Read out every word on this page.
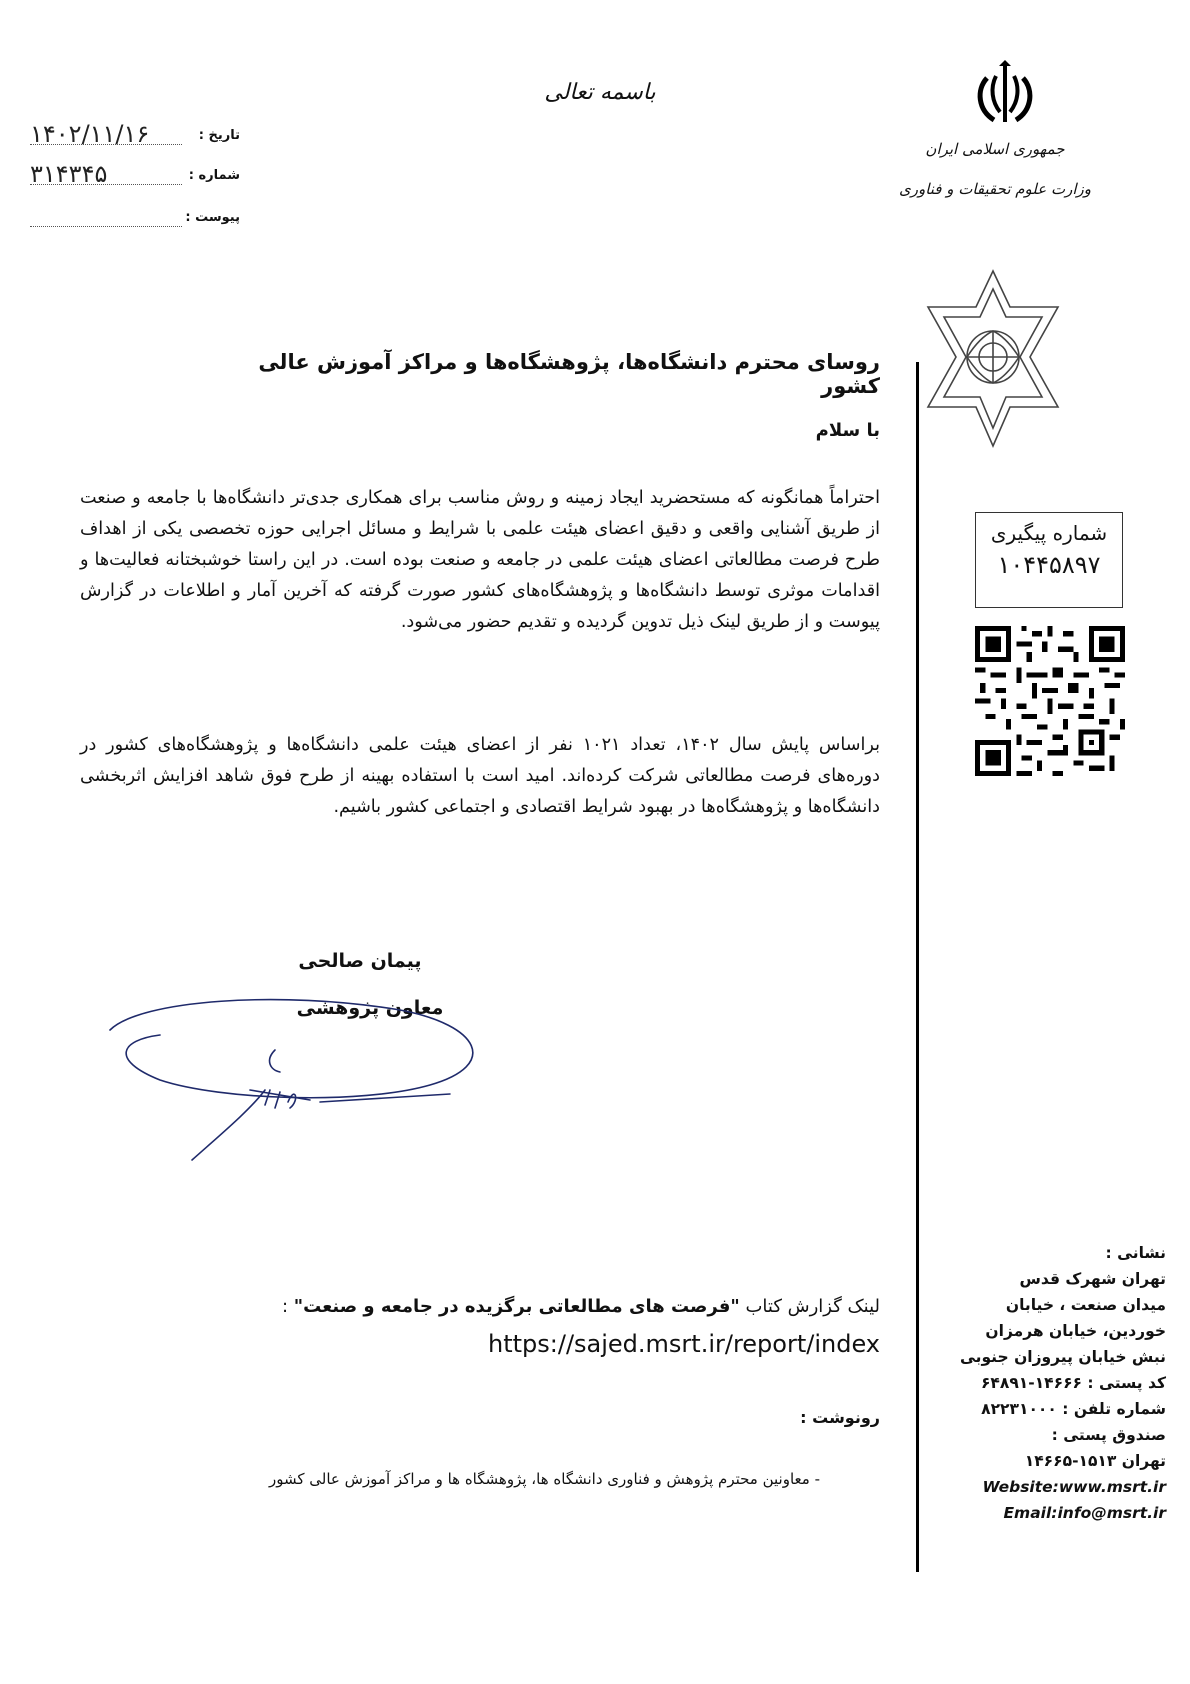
باسمه تعالی
تاریخ :
۱۴۰۲/۱۱/۱۶
شماره :
۳۱۴۳۴۵
پیوست :
جمهوری اسلامی ایران
وزارت علوم تحقیقات و فناوری
شماره پیگیری
۱۰۴۴۵۸۹۷
روسای محترم دانشگاه‌ها، پژوهشگاه‌ها و مراکز آموزش عالی کشور
با سلام
احتراماً همانگونه که مستحضرید ایجاد زمینه و روش مناسب برای همکاری جدی‌تر دانشگاه‌ها با جامعه و صنعت از طریق آشنایی واقعی و دقیق اعضای هیئت علمی با شرایط و مسائل اجرایی حوزه تخصصی یکی از اهداف طرح فرصت مطالعاتی اعضای هیئت علمی در جامعه و صنعت بوده است. در این راستا خوشبختانه فعالیت‌ها و اقدامات موثری توسط دانشگاه‌ها و پژوهشگاه‌های کشور صورت گرفته که آخرین آمار و اطلاعات در گزارش پیوست و از طریق لینک ذیل تدوین گردیده و تقدیم حضور می‌شود.
براساس پایش سال ۱۴۰۲، تعداد ۱۰۲۱ نفر از اعضای هیئت علمی دانشگاه‌ها و پژوهشگاه‌های کشور در دوره‌های فرصت مطالعاتی شرکت کرده‌اند. امید است با استفاده بهینه از طرح فوق شاهد افزایش اثربخشی دانشگاه‌ها و پژوهشگاه‌ها در بهبود شرایط اقتصادی و اجتماعی کشور باشیم.
پیمان صالحی
معاون پژوهشی
نشانی :
تهران شهرک قدس
میدان صنعت ، خیابان
خوردین، خیابان هرمزان
نبش خیابان پیروزان جنوبی
کد پستی : ۱۴۶۶۶-۶۴۸۹۱
شماره تلفن : ۸۲۲۳۱۰۰۰
صندوق پستی :
تهران ۱۵۱۳-۱۴۶۶۵
Website:www.msrt.ir
Email:info@msrt.ir
لینک گزارش کتاب "فرصت های مطالعاتی برگزیده در جامعه و صنعت" :
https://sajed.msrt.ir/report/index
رونوشت :
- معاونین محترم پژوهش و فناوری دانشگاه ها، پژوهشگاه ها و مراکز آموزش عالی کشور
